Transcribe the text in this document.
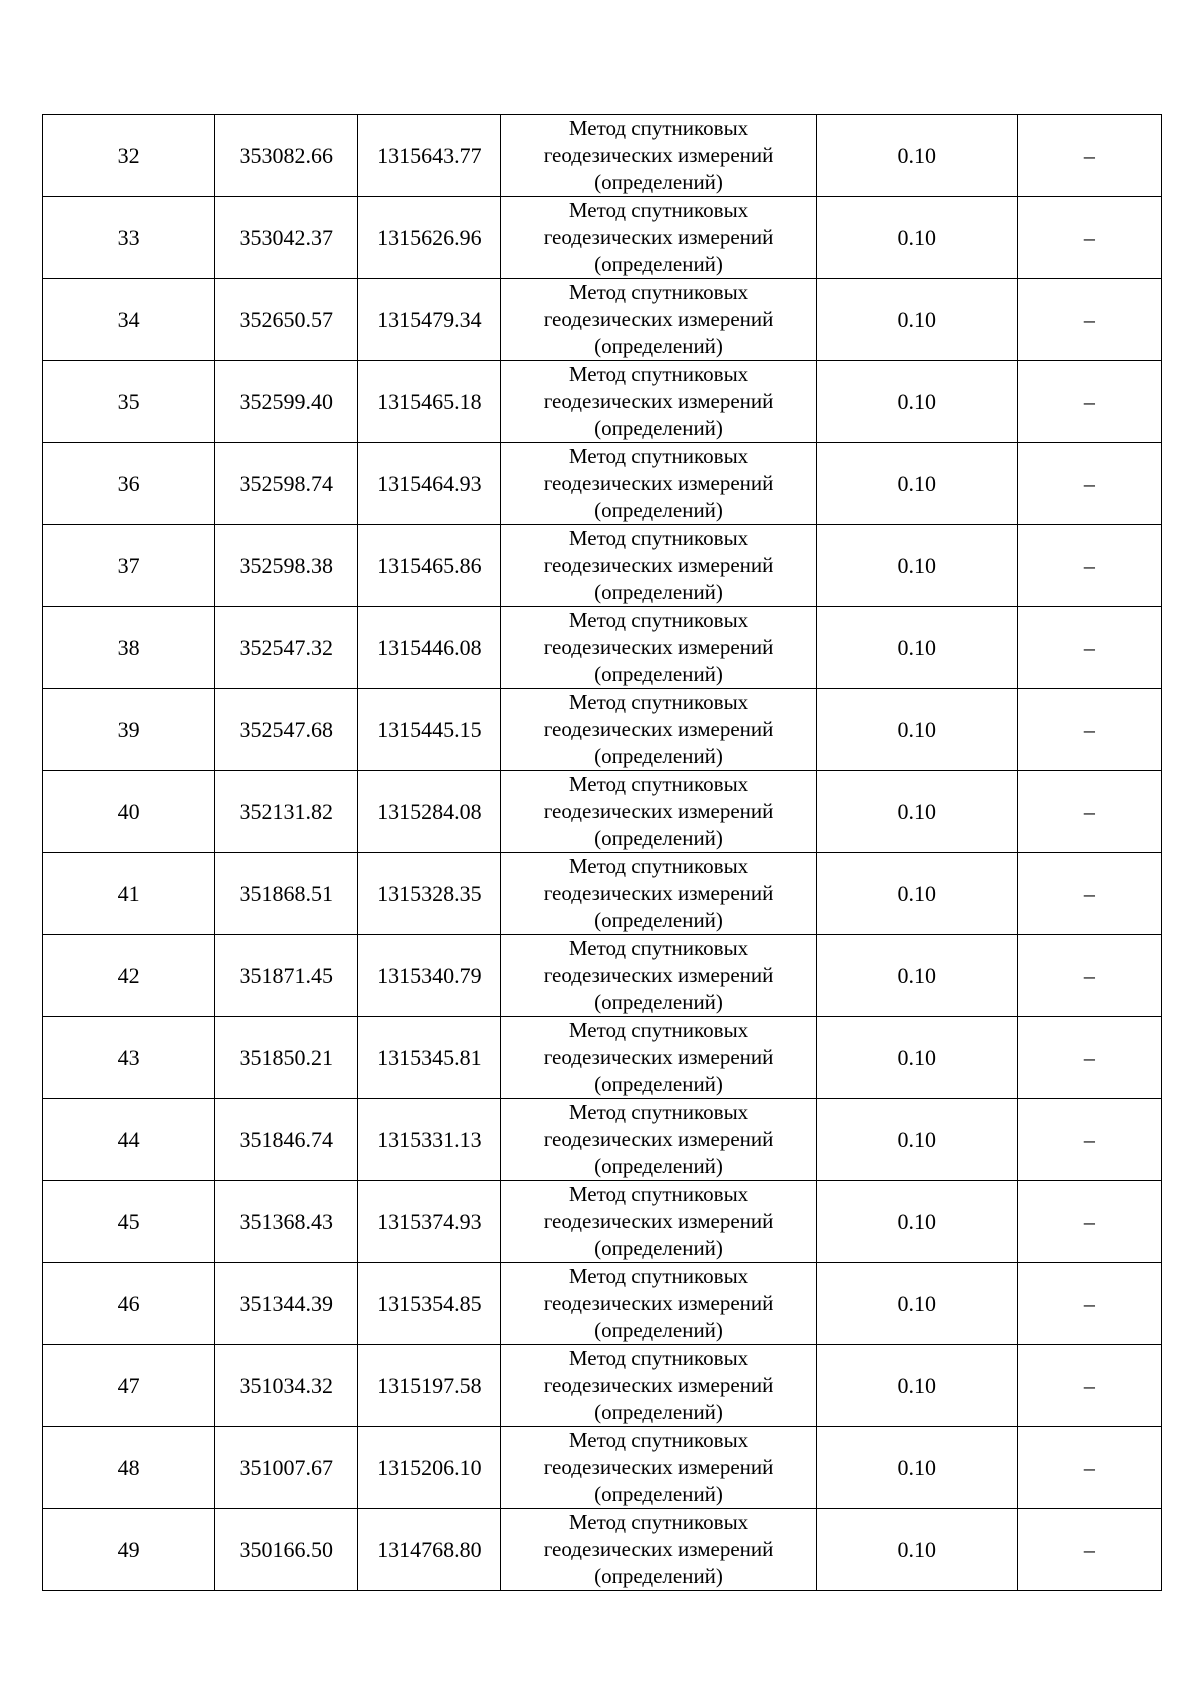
32	353082.66	1315643.77	Метод спутниковых
геодезических измерений
(определений)	0.10	–
33	353042.37	1315626.96	Метод спутниковых
геодезических измерений
(определений)	0.10	–
34	352650.57	1315479.34	Метод спутниковых
геодезических измерений
(определений)	0.10	–
35	352599.40	1315465.18	Метод спутниковых
геодезических измерений
(определений)	0.10	–
36	352598.74	1315464.93	Метод спутниковых
геодезических измерений
(определений)	0.10	–
37	352598.38	1315465.86	Метод спутниковых
геодезических измерений
(определений)	0.10	–
38	352547.32	1315446.08	Метод спутниковых
геодезических измерений
(определений)	0.10	–
39	352547.68	1315445.15	Метод спутниковых
геодезических измерений
(определений)	0.10	–
40	352131.82	1315284.08	Метод спутниковых
геодезических измерений
(определений)	0.10	–
41	351868.51	1315328.35	Метод спутниковых
геодезических измерений
(определений)	0.10	–
42	351871.45	1315340.79	Метод спутниковых
геодезических измерений
(определений)	0.10	–
43	351850.21	1315345.81	Метод спутниковых
геодезических измерений
(определений)	0.10	–
44	351846.74	1315331.13	Метод спутниковых
геодезических измерений
(определений)	0.10	–
45	351368.43	1315374.93	Метод спутниковых
геодезических измерений
(определений)	0.10	–
46	351344.39	1315354.85	Метод спутниковых
геодезических измерений
(определений)	0.10	–
47	351034.32	1315197.58	Метод спутниковых
геодезических измерений
(определений)	0.10	–
48	351007.67	1315206.10	Метод спутниковых
геодезических измерений
(определений)	0.10	–
49	350166.50	1314768.80	Метод спутниковых
геодезических измерений
(определений)	0.10	–
